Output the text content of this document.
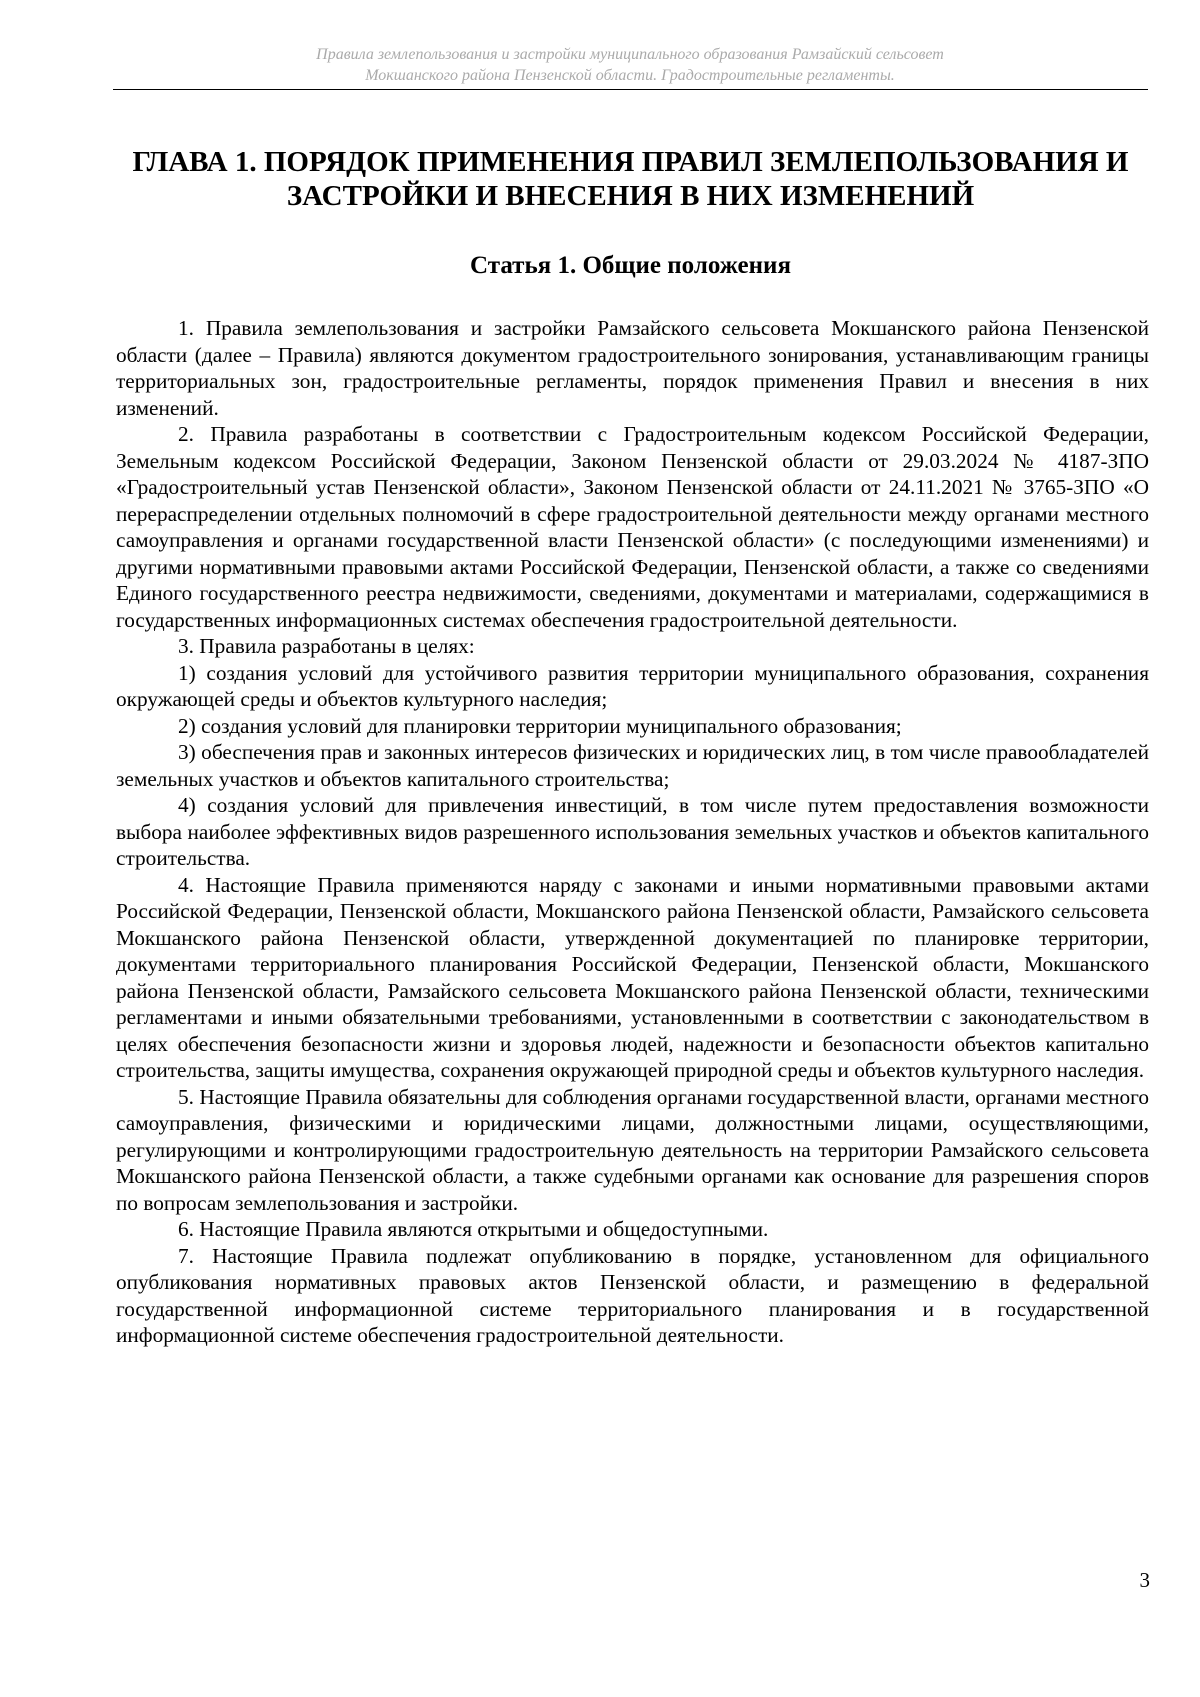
Правила землепользования и застройки муниципального образования Рамзайский сельсовет
Мокшанского района Пензенской области. Градостроительные регламенты.
ГЛАВА 1. ПОРЯДОК ПРИМЕНЕНИЯ ПРАВИЛ ЗЕМЛЕПОЛЬЗОВАНИЯ И
ЗАСТРОЙКИ И ВНЕСЕНИЯ В НИХ ИЗМЕНЕНИЙ
Статья 1. Общие положения

1. Правила землепользования и застройки Рамзайского сельсовета Мокшанского района Пензенской области (далее – Правила) являются документом градостроительного зонирования, устанавливающим границы территориальных зон, градостроительные регламенты, порядок применения Правил и внесения в них изменений.

2. Правила разработаны в соответствии с Градостроительным кодексом Российской Федерации, Земельным кодексом Российской Федерации, Законом Пензенской области от 29.03.2024 № 4187-ЗПО «Градостроительный устав Пензенской области», Законом Пензенской области от 24.11.2021 № 3765-ЗПО «О перераспределении отдельных полномочий в сфере градостроительной деятельности между органами местного самоуправления и органами государственной власти Пензенской области» (с последующими изменениями) и другими нормативными правовыми актами Российской Федерации, Пензенской области, а также со сведениями Единого государственного реестра недвижимости, сведениями, документами и материалами, содержащимися в государственных информационных системах обеспечения градостроительной деятельности.

3. Правила разработаны в целях:

1) создания условий для устойчивого развития территории муниципального образования, сохранения окружающей среды и объектов культурного наследия;

2) создания условий для планировки территории муниципального образования;

3) обеспечения прав и законных интересов физических и юридических лиц, в том числе правообладателей земельных участков и объектов капитального строительства;

4) создания условий для привлечения инвестиций, в том числе путем предоставления возможности выбора наиболее эффективных видов разрешенного использования земельных участков и объектов капитального строительства.

4. Настоящие Правила применяются наряду с законами и иными нормативными правовыми актами Российской Федерации, Пензенской области, Мокшанского района Пензенской области, Рамзайского сельсовета Мокшанского района Пензенской области, утвержденной документацией по планировке территории, документами территориального планирования Российской Федерации, Пензенской области, Мокшанского района Пензенской области, Рамзайского сельсовета Мокшанского района Пензенской области, техническими регламентами и иными обязательными требованиями, установленными в соответствии с законодательством в целях обеспечения безопасности жизни и здоровья людей, надежности и безопасности объектов капитально строительства, защиты имущества, сохранения окружающей природной среды и объектов культурного наследия.

5. Настоящие Правила обязательны для соблюдения органами государственной власти, органами местного самоуправления, физическими и юридическими лицами, должностными лицами, осуществляющими, регулирующими и контролирующими градостроительную деятельность на территории Рамзайского сельсовета Мокшанского района Пензенской области, а также судебными органами как основание для разрешения споров по вопросам землепользования и застройки.

6. Настоящие Правила являются открытыми и общедоступными.

7. Настоящие Правила подлежат опубликованию в порядке, установленном для официального опубликования нормативных правовых актов Пензенской области, и размещению в федеральной государственной информационной системе территориального планирования и в государственной информационной системе обеспечения градостроительной деятельности.

3
